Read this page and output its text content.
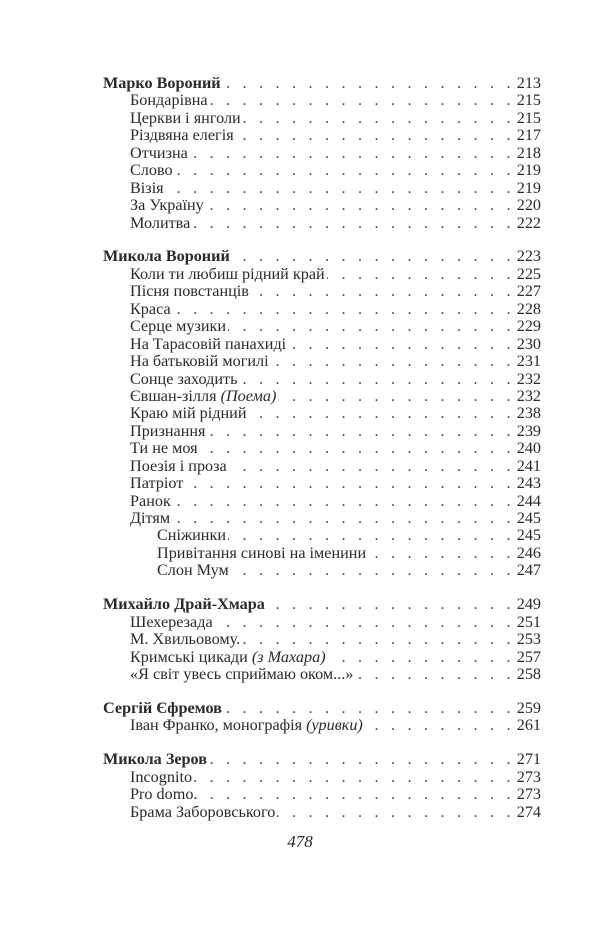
Марко Вороний . . .	213
Бондарівна . . .	215
Церкви і янголи . . .	215
Різдвяна елегія . . .	217
Отчизна . . .	218
Слово . . .	219
Візія . . .	219
За Україну . . .	220
Молитва . . .	222
Микола Вороний . . .	223
Коли ти любиш рідний край . . .	225
Пісня повстанців . . .	227
Краса . . .	228
Серце музики . . .	229
На Тарасовій панахиді . . .	230
На батьковій могилі . . .	231
Сонце заходить . . .	232
Євшан-зілля (Поема) . . .	232
Краю мій рідний . . .	238
Признання . . .	239
Ти не моя . . .	240
Поезія і проза . . .	241
Патріот . . .	243
Ранок . . .	244
Дітям . . .	245
Сніжинки . . .	245
Привітання синові на іменини . . .	246
Слон Мум . . .	247
Михайло Драй-Хмара . . .	249
Шехерезада . . .	251
М. Хвильовому. . . .	253
Кримські цикади (з Махара) . . .	257
«Я світ увесь сприймаю оком...» . . .	258
Сергій Єфремов . . .	259
Іван Франко, монографія (уривки) . . .	261
Микола Зеров . . .	271
Incognito . . .	273
Pro domo. . . .	273
Брама Заборовського . . .	274
478
